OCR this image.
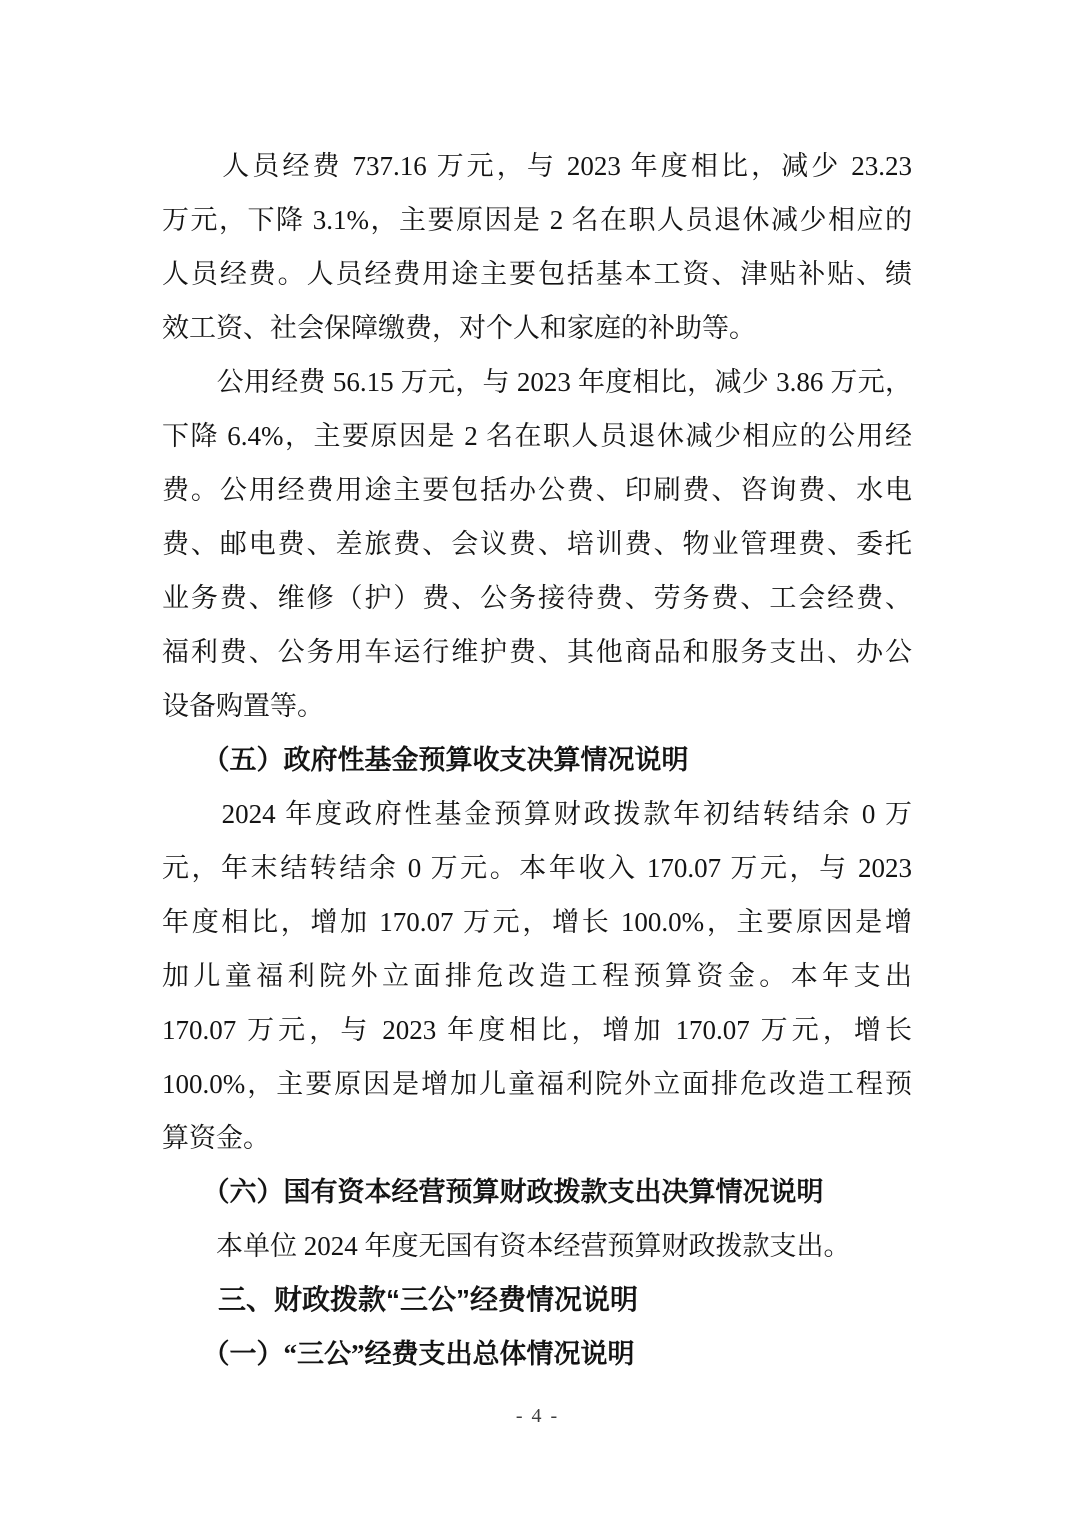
　　人员经费 737.16 万元，与 2023 年度相比，减少 23.23
万元，下降 3.1%，主要原因是 2 名在职人员退休减少相应的
人员经费。人员经费用途主要包括基本工资、津贴补贴、绩
效工资、社会保障缴费，对个人和家庭的补助等。
　　公用经费 56.15 万元，与 2023 年度相比，减少 3.86 万元，
下降 6.4%，主要原因是 2 名在职人员退休减少相应的公用经
费。公用经费用途主要包括办公费、印刷费、咨询费、水电
费、邮电费、差旅费、会议费、培训费、物业管理费、委托
业务费、维修（护）费、公务接待费、劳务费、工会经费、
福利费、公务用车运行维护费、其他商品和服务支出、办公
设备购置等。
　　（五）政府性基金预算收支决算情况说明
　　2024 年度政府性基金预算财政拨款年初结转结余 0 万
元，年末结转结余 0 万元。本年收入 170.07 万元，与 2023
年度相比，增加 170.07 万元，增长 100.0%，主要原因是增
加儿童福利院外立面排危改造工程预算资金。本年支出
170.07 万元，与 2023 年度相比，增加 170.07 万元，增长
100.0%，主要原因是增加儿童福利院外立面排危改造工程预
算资金。
　　（六）国有资本经营预算财政拨款支出决算情况说明
　　本单位 2024 年度无国有资本经营预算财政拨款支出。
　　三、财政拨款“三公”经费情况说明
　　（一）“三公”经费支出总体情况说明
- 4 -
